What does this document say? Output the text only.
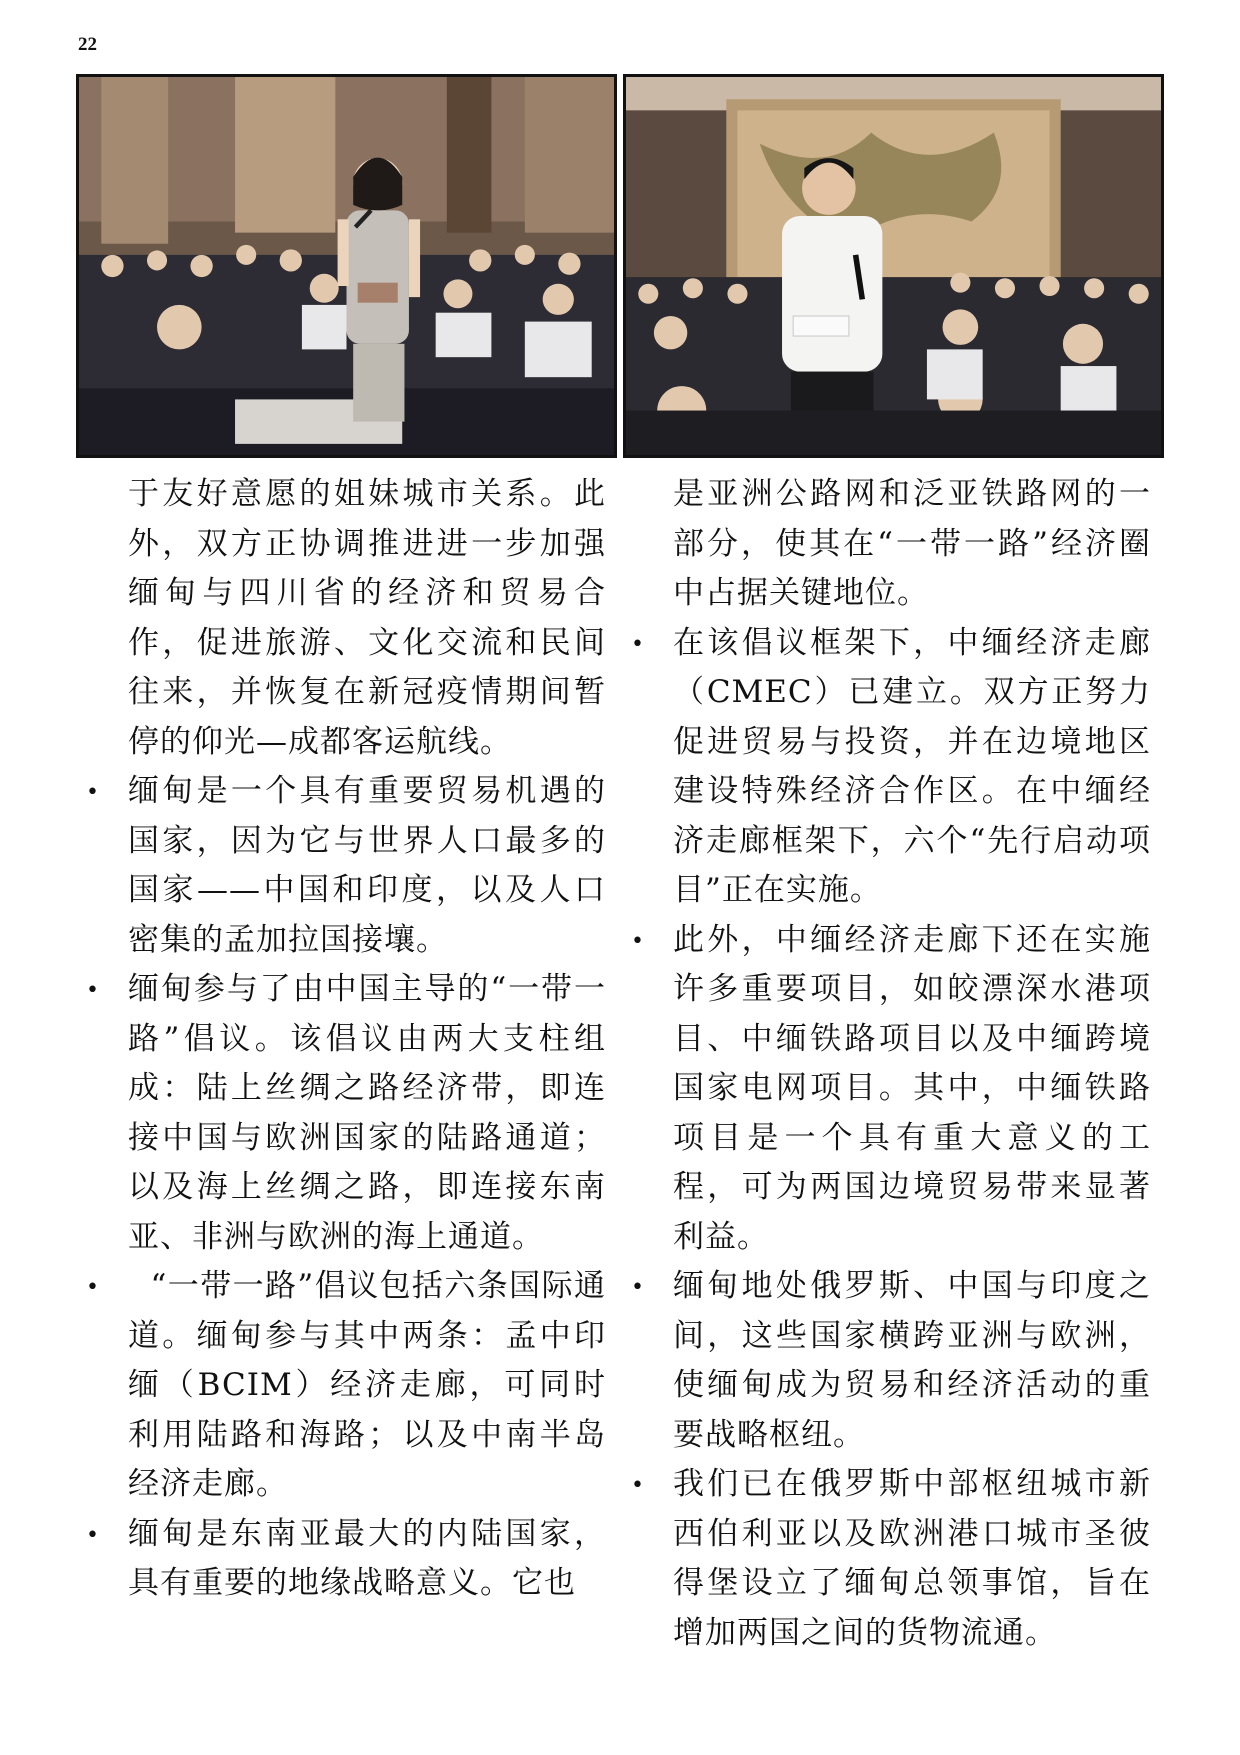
22

于友好意愿的姐妹城市关系。此外，双方正协调推进进一步加强缅甸与四川省的经济和贸易合作，促进旅游、文化交流和民间往来，并恢复在新冠疫情期间暂停的仰光—成都客运航线。

• 缅甸是一个具有重要贸易机遇的国家，因为它与世界人口最多的国家——中国和印度，以及人口密集的孟加拉国接壤。

• 缅甸参与了由中国主导的“一带一路”倡议。该倡议由两大支柱组成：陆上丝绸之路经济带，即连接中国与欧洲国家的陆路通道；以及海上丝绸之路，即连接东南亚、非洲与欧洲的海上通道。

•   “一带一路”倡议包括六条国际通道。缅甸参与其中两条：孟中印缅（BCIM）经济走廊，可同时利用陆路和海路；以及中南半岛经济走廊。

• 缅甸是东南亚最大的内陆国家，具有重要的地缘战略意义。它也

是亚洲公路网和泛亚铁路网的一部分，使其在“一带一路”经济圈中占据关键地位。

• 在该倡议框架下，中缅经济走廊（CMEC）已建立。双方正努力促进贸易与投资，并在边境地区建设特殊经济合作区。在中缅经济走廊框架下，六个“先行启动项目”正在实施。

• 此外，中缅经济走廊下还在实施许多重要项目，如皎漂深水港项目、中缅铁路项目以及中缅跨境国家电网项目。其中，中缅铁路项目是一个具有重大意义的工程，可为两国边境贸易带来显著利益。

• 缅甸地处俄罗斯、中国与印度之间，这些国家横跨亚洲与欧洲，使缅甸成为贸易和经济活动的重要战略枢纽。

• 我们已在俄罗斯中部枢纽城市新西伯利亚以及欧洲港口城市圣彼得堡设立了缅甸总领事馆，旨在增加两国之间的货物流通。
